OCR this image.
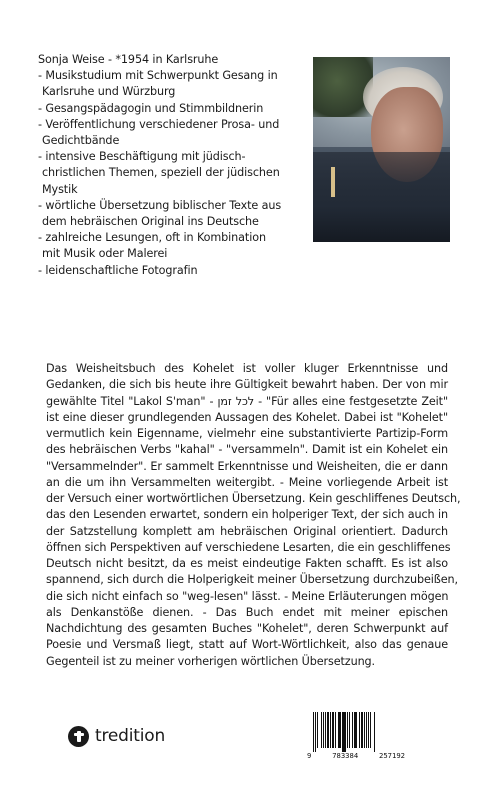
Sonja Weise - *1954 in Karlsruhe
- Musikstudium mit Schwerpunkt Gesang in
Karlsruhe und Würzburg
- Gesangspädagogin und Stimmbildnerin
- Veröffentlichung verschiedener Prosa- und
Gedichtbände
- intensive Beschäftigung mit jüdisch-
christlichen Themen, speziell der jüdischen
Mystik
- wörtliche Übersetzung biblischer Texte aus
dem hebräischen Original ins Deutsche
- zahlreiche Lesungen, oft in Kombination
mit Musik oder Malerei
- leidenschaftliche Fotografin
Das Weisheitsbuch des Kohelet ist voller kluger Erkenntnisse und
Gedanken, die sich bis heute ihre Gültigkeit bewahrt haben. Der von mir
gewählte Titel "Lakol S'man" - לכל זמן - "Für alles eine festgesetzte Zeit"
ist eine dieser grundlegenden Aussagen des Kohelet. Dabei ist "Kohelet"
vermutlich kein Eigenname, vielmehr eine substantivierte Partizip-Form
des hebräischen Verbs "kahal" - "versammeln". Damit ist ein Kohelet ein
"Versammelnder". Er sammelt Erkenntnisse und Weisheiten, die er dann
an die um ihn Versammelten weitergibt. - Meine vorliegende Arbeit ist
der Versuch einer wortwörtlichen Übersetzung. Kein geschliffenes Deutsch,
das den Lesenden erwartet, sondern ein holperiger Text, der sich auch in
der Satzstellung komplett am hebräischen Original orientiert. Dadurch
öffnen sich Perspektiven auf verschiedene Lesarten, die ein geschliffenes
Deutsch nicht besitzt, da es meist eindeutige Fakten schafft. Es ist also
spannend, sich durch die Holperigkeit meiner Übersetzung durchzubeißen,
die sich nicht einfach so "weg-lesen" lässt. - Meine Erläuterungen mögen
als Denkanstöße dienen. - Das Buch endet mit meiner epischen
Nachdichtung des gesamten Buches "Kohelet", deren Schwerpunkt auf
Poesie und Versmaß liegt, statt auf Wort-Wörtlichkeit, also das genaue
Gegenteil ist zu meiner vorherigen wörtlichen Übersetzung.
tredition
9	783384	257192
